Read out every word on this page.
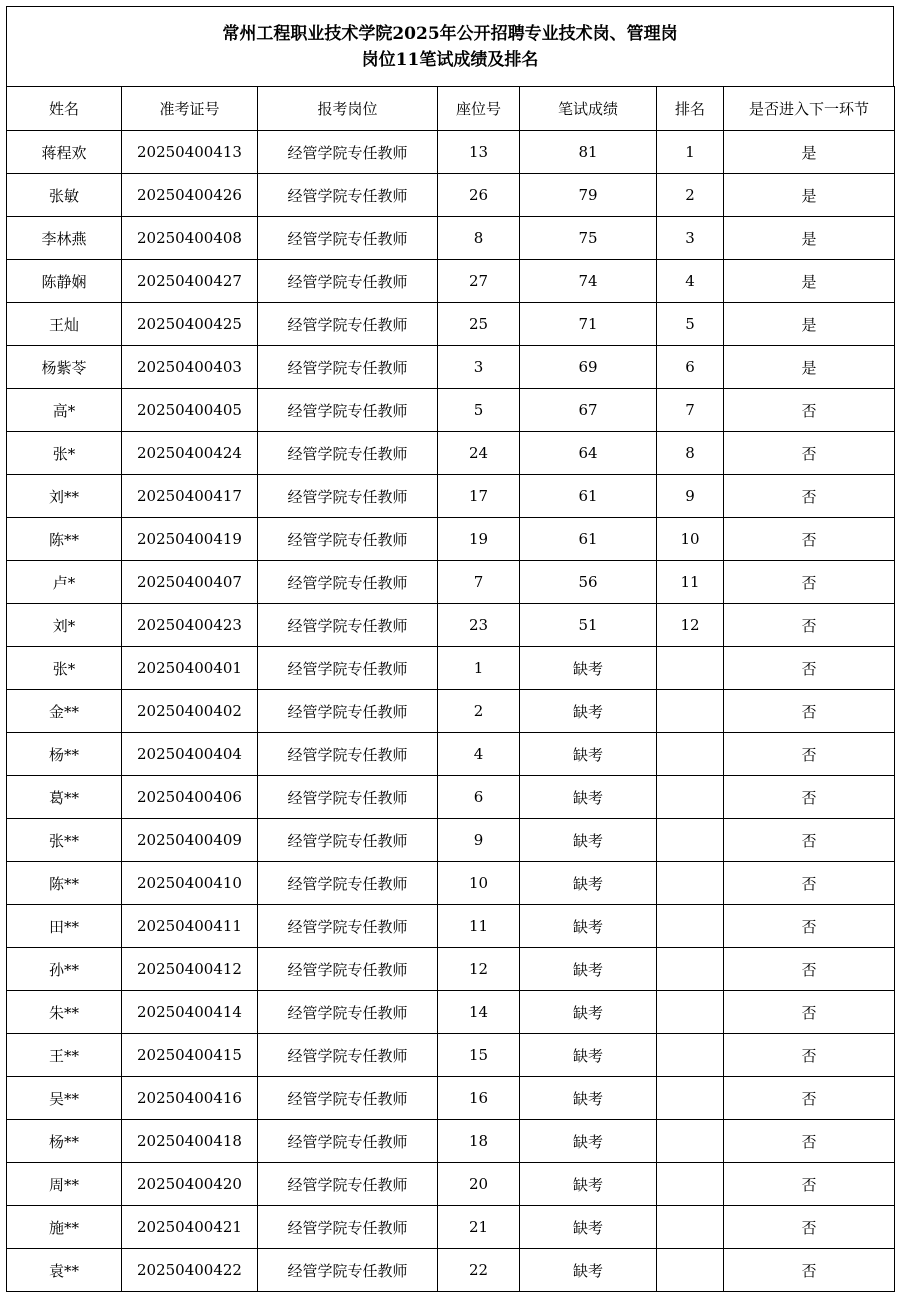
常州工程职业技术学院2025年公开招聘专业技术岗、管理岗
岗位11笔试成绩及排名
姓名	准考证号	报考岗位	座位号	笔试成绩	排名	是否进入下一环节
蒋程欢	20250400413	经管学院专任教师	13	81	1	是
张敏	20250400426	经管学院专任教师	26	79	2	是
李林燕	20250400408	经管学院专任教师	8	75	3	是
陈静娴	20250400427	经管学院专任教师	27	74	4	是
王灿	20250400425	经管学院专任教师	25	71	5	是
杨紫苓	20250400403	经管学院专任教师	3	69	6	是
高*	20250400405	经管学院专任教师	5	67	7	否
张*	20250400424	经管学院专任教师	24	64	8	否
刘**	20250400417	经管学院专任教师	17	61	9	否
陈**	20250400419	经管学院专任教师	19	61	10	否
卢*	20250400407	经管学院专任教师	7	56	11	否
刘*	20250400423	经管学院专任教师	23	51	12	否
张*	20250400401	经管学院专任教师	1	缺考		否
金**	20250400402	经管学院专任教师	2	缺考		否
杨**	20250400404	经管学院专任教师	4	缺考		否
葛**	20250400406	经管学院专任教师	6	缺考		否
张**	20250400409	经管学院专任教师	9	缺考		否
陈**	20250400410	经管学院专任教师	10	缺考		否
田**	20250400411	经管学院专任教师	11	缺考		否
孙**	20250400412	经管学院专任教师	12	缺考		否
朱**	20250400414	经管学院专任教师	14	缺考		否
王**	20250400415	经管学院专任教师	15	缺考		否
吴**	20250400416	经管学院专任教师	16	缺考		否
杨**	20250400418	经管学院专任教师	18	缺考		否
周**	20250400420	经管学院专任教师	20	缺考		否
施**	20250400421	经管学院专任教师	21	缺考		否
袁**	20250400422	经管学院专任教师	22	缺考		否
